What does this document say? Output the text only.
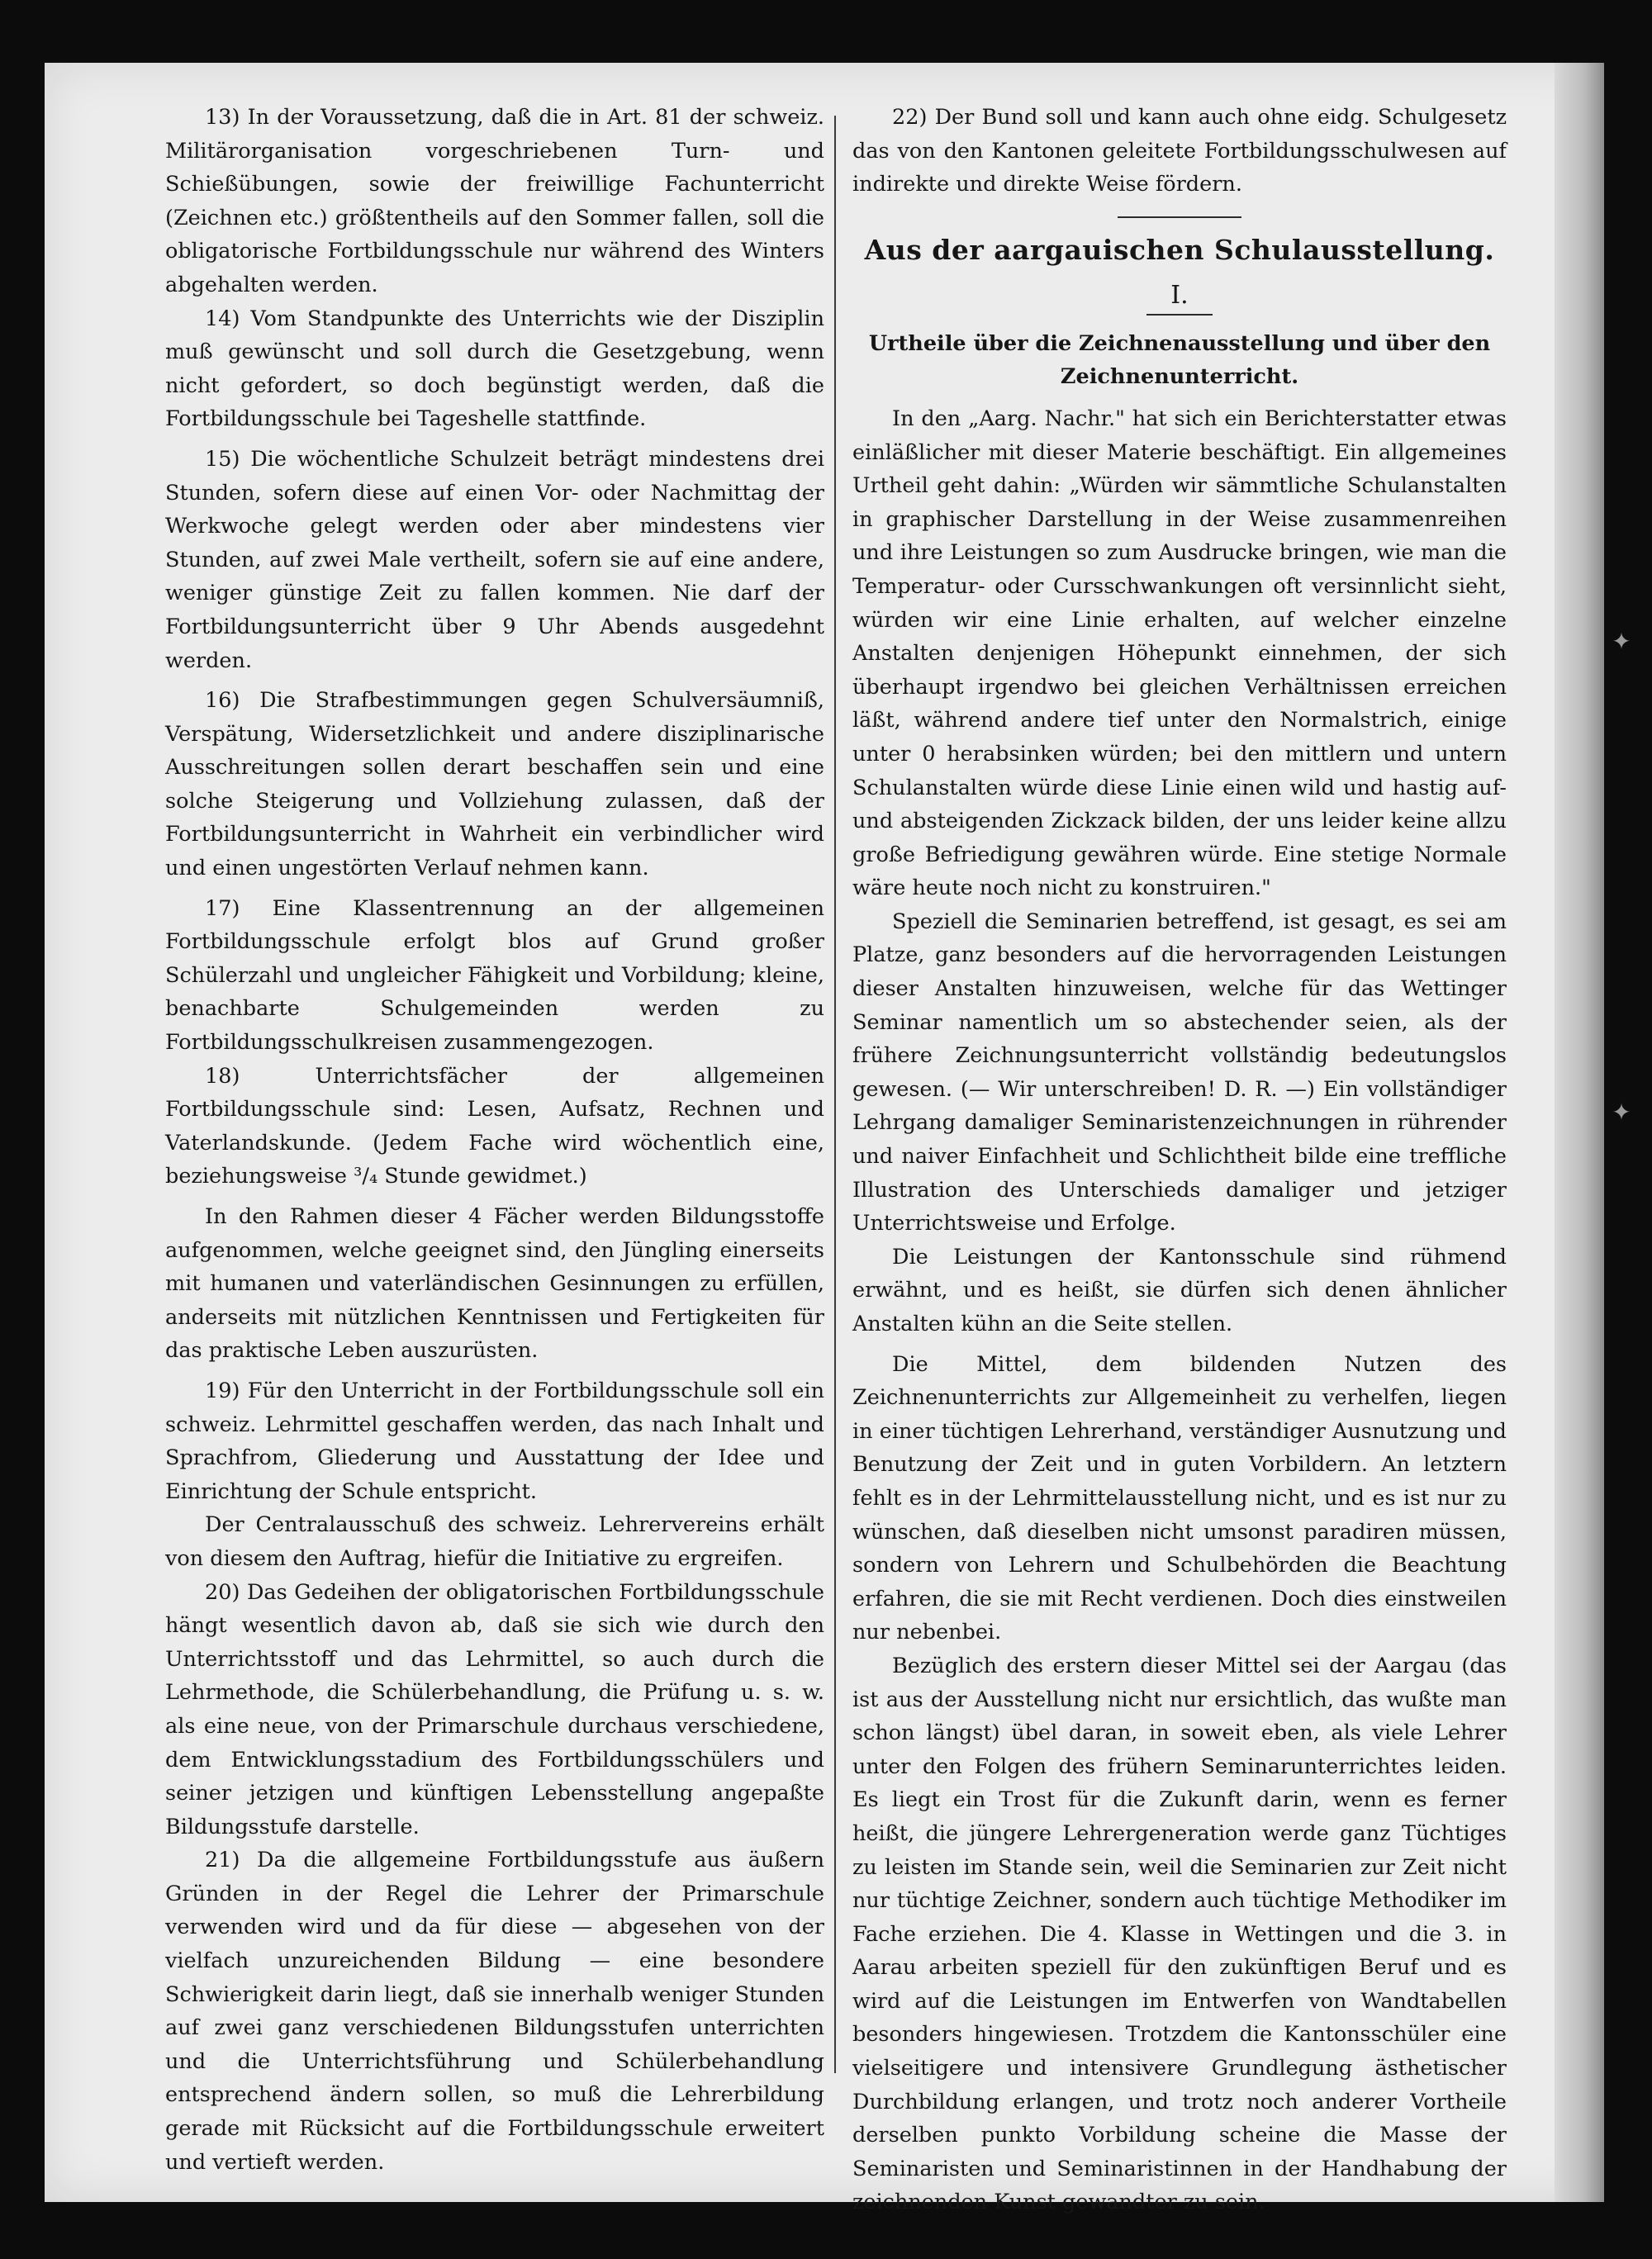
✦
✦

13) In der Voraussetzung, daß die in Art. 81 der schweiz. Militärorganisation vorgeschriebenen Turn- und Schießübungen, sowie der freiwillige Fachunterricht (Zeichnen etc.) größtentheils auf den Sommer fallen, soll die obligatorische Fortbildungsschule nur während des Winters abgehalten werden.

14) Vom Standpunkte des Unterrichts wie der Disziplin muß gewünscht und soll durch die Gesetzgebung, wenn nicht gefordert, so doch begünstigt werden, daß die Fortbildungsschule bei Tageshelle stattfinde.

15) Die wöchentliche Schulzeit beträgt mindestens drei Stunden, sofern diese auf einen Vor- oder Nachmittag der Werkwoche gelegt werden oder aber mindestens vier Stunden, auf zwei Male vertheilt, sofern sie auf eine andere, weniger günstige Zeit zu fallen kommen. Nie darf der Fortbildungsunterricht über 9 Uhr Abends ausgedehnt werden.

16) Die Strafbestimmungen gegen Schulversäumniß, Verspätung, Widersetzlichkeit und andere disziplinarische Ausschreitungen sollen derart beschaffen sein und eine solche Steigerung und Vollziehung zulassen, daß der Fortbildungsunterricht in Wahrheit ein verbindlicher wird und einen ungestörten Verlauf nehmen kann.

17) Eine Klassentrennung an der allgemeinen Fortbildungsschule erfolgt blos auf Grund großer Schülerzahl und ungleicher Fähigkeit und Vorbildung; kleine, benachbarte Schulgemeinden werden zu Fortbildungsschulkreisen zusammengezogen.

18) Unterrichtsfächer der allgemeinen Fortbildungsschule sind: Lesen, Aufsatz, Rechnen und Vaterlandskunde. (Jedem Fache wird wöchentlich eine, beziehungsweise ³/₄ Stunde gewidmet.)

In den Rahmen dieser 4 Fächer werden Bildungsstoffe aufgenommen, welche geeignet sind, den Jüngling einerseits mit humanen und vaterländischen Gesinnungen zu erfüllen, anderseits mit nützlichen Kenntnissen und Fertigkeiten für das praktische Leben auszurüsten.

19) Für den Unterricht in der Fortbildungsschule soll ein schweiz. Lehrmittel geschaffen werden, das nach Inhalt und Sprachfrom, Gliederung und Ausstattung der Idee und Einrichtung der Schule entspricht.

Der Centralausschuß des schweiz. Lehrervereins erhält von diesem den Auftrag, hiefür die Initiative zu ergreifen.

20) Das Gedeihen der obligatorischen Fortbildungsschule hängt wesentlich davon ab, daß sie sich wie durch den Unterrichtsstoff und das Lehrmittel, so auch durch die Lehrmethode, die Schülerbehandlung, die Prüfung u. s. w. als eine neue, von der Primarschule durchaus verschiedene, dem Entwicklungsstadium des Fortbildungsschülers und seiner jetzigen und künftigen Lebensstellung angepaßte Bildungsstufe darstelle.

21) Da die allgemeine Fortbildungsstufe aus äußern Gründen in der Regel die Lehrer der Primarschule verwenden wird und da für diese — abgesehen von der vielfach unzureichenden Bildung — eine besondere Schwierigkeit darin liegt, daß sie innerhalb weniger Stunden auf zwei ganz verschiedenen Bildungsstufen unterrichten und die Unterrichtsführung und Schülerbehandlung entsprechend ändern sollen, so muß die Lehrerbildung gerade mit Rücksicht auf die Fortbildungsschule erweitert und vertieft werden.

22) Der Bund soll und kann auch ohne eidg. Schulgesetz das von den Kantonen geleitete Fortbildungsschulwesen auf indirekte und direkte Weise fördern.

Aus der aargauischen Schulausstellung.
I.
Urtheile über die Zeichnenausstellung und über den Zeichnenunterricht.

In den „Aarg. Nachr." hat sich ein Berichterstatter etwas einläßlicher mit dieser Materie beschäftigt. Ein allgemeines Urtheil geht dahin: „Würden wir sämmtliche Schulanstalten in graphischer Darstellung in der Weise zusammenreihen und ihre Leistungen so zum Ausdrucke bringen, wie man die Temperatur- oder Cursschwankungen oft versinnlicht sieht, würden wir eine Linie erhalten, auf welcher einzelne Anstalten denjenigen Höhepunkt einnehmen, der sich überhaupt irgendwo bei gleichen Verhältnissen erreichen läßt, während andere tief unter den Normalstrich, einige unter 0 herabsinken würden; bei den mittlern und untern Schulanstalten würde diese Linie einen wild und hastig auf- und absteigenden Zickzack bilden, der uns leider keine allzu große Befriedigung gewähren würde. Eine stetige Normale wäre heute noch nicht zu konstruiren."

Speziell die Seminarien betreffend, ist gesagt, es sei am Platze, ganz besonders auf die hervorragenden Leistungen dieser Anstalten hinzuweisen, welche für das Wettinger Seminar namentlich um so abstechender seien, als der frühere Zeichnungsunterricht vollständig bedeutungslos gewesen. (— Wir unterschreiben! D. R. —) Ein vollständiger Lehrgang damaliger Seminaristenzeichnungen in rührender und naiver Einfachheit und Schlichtheit bilde eine treffliche Illustration des Unterschieds damaliger und jetziger Unterrichtsweise und Erfolge.

Die Leistungen der Kantonsschule sind rühmend erwähnt, und es heißt, sie dürfen sich denen ähnlicher Anstalten kühn an die Seite stellen.

Die Mittel, dem bildenden Nutzen des Zeichnenunterrichts zur Allgemeinheit zu verhelfen, liegen in einer tüchtigen Lehrerhand, verständiger Ausnutzung und Benutzung der Zeit und in guten Vorbildern. An letztern fehlt es in der Lehrmittelausstellung nicht, und es ist nur zu wünschen, daß dieselben nicht umsonst paradiren müssen, sondern von Lehrern und Schulbehörden die Beachtung erfahren, die sie mit Recht verdienen. Doch dies einstweilen nur nebenbei.

Bezüglich des erstern dieser Mittel sei der Aargau (das ist aus der Ausstellung nicht nur ersichtlich, das wußte man schon längst) übel daran, in soweit eben, als viele Lehrer unter den Folgen des frühern Seminarunterrichtes leiden. Es liegt ein Trost für die Zukunft darin, wenn es ferner heißt, die jüngere Lehrergeneration werde ganz Tüchtiges zu leisten im Stande sein, weil die Seminarien zur Zeit nicht nur tüchtige Zeichner, sondern auch tüchtige Methodiker im Fache erziehen. Die 4. Klasse in Wettingen und die 3. in Aarau arbeiten speziell für den zukünftigen Beruf und es wird auf die Leistungen im Entwerfen von Wandtabellen besonders hingewiesen. Trotzdem die Kantonsschüler eine vielseitigere und intensivere Grundlegung ästhetischer Durchbildung erlangen, und trotz noch anderer Vortheile derselben punkto Vorbildung scheine die Masse der Seminaristen und Seminaristinnen in der Handhabung der zeichnenden Kunst gewandter zu sein.
